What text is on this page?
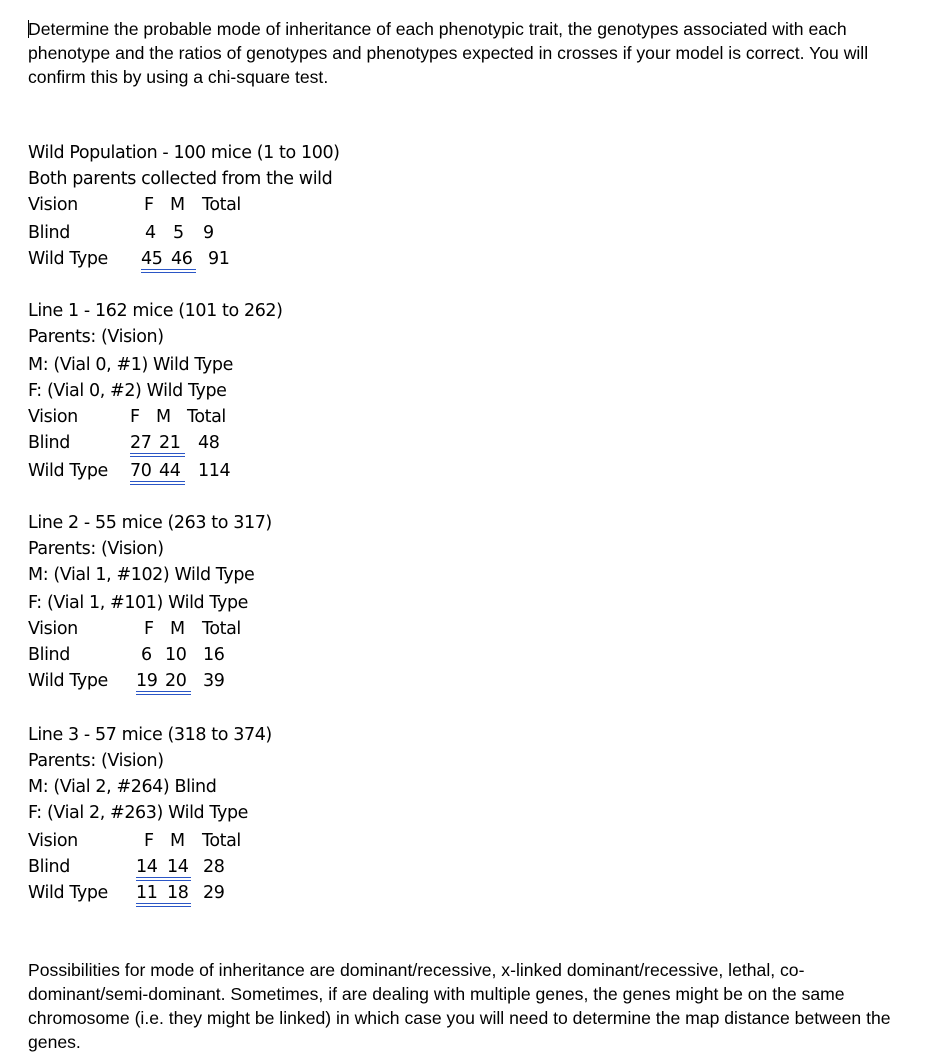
Determine the probable mode of inheritance of each phenotypic trait, the genotypes associated with each phenotype and the ratios of genotypes and phenotypes expected in crosses if your model is correct. You will confirm this by using a chi-square test.

Wild Population - 100 mice (1 to 100)
Both parents collected from the wild
Vision	F M Total
Blind	4 5 9
Wild Type 45 46 91
Line 1 - 162 mice (101 to 262)
Parents: (Vision)
M: (Vial 0, #1) Wild Type
F: (Vial 0, #2) Wild Type
Vision	F M Total
Blind	27 21 48
Wild Type 70 44 114
Line 2 - 55 mice (263 to 317)
Parents: (Vision)
M: (Vial 1, #102) Wild Type
F: (Vial 1, #101) Wild Type
Vision	F M Total
Blind	6 10 16
Wild Type 19 20 39
Line 3 - 57 mice (318 to 374)
Parents: (Vision)
M: (Vial 2, #264) Blind
F: (Vial 2, #263) Wild Type
Vision	F M Total
Blind	14 14 28
Wild Type 11 18 29

Possibilities for mode of inheritance are dominant/recessive, x-linked dominant/recessive, lethal, co-dominant/semi-dominant. Sometimes, if are dealing with multiple genes, the genes might be on the same chromosome (i.e. they might be linked) in which case you will need to determine the map distance between the genes.
